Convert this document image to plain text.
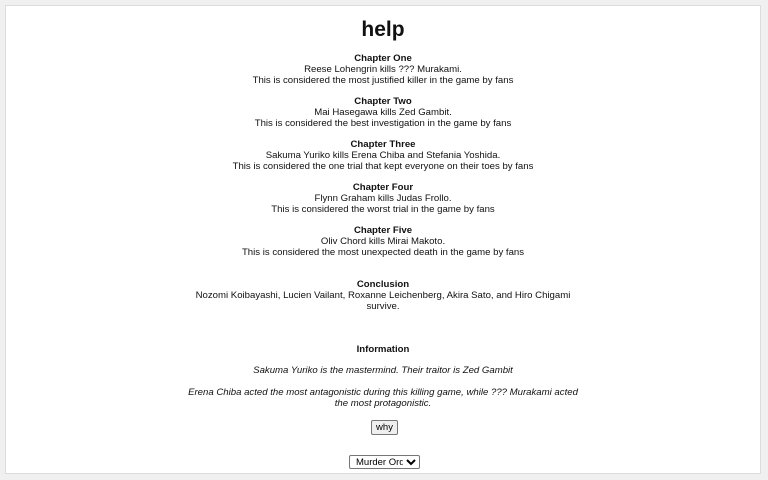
help
Chapter One
Reese Lohengrin kills ??? Murakami.
This is considered the most justified killer in the game by fans
Chapter Two
Mai Hasegawa kills Zed Gambit.
This is considered the best investigation in the game by fans
Chapter Three
Sakuma Yuriko kills Erena Chiba and Stefania Yoshida.
This is considered the one trial that kept everyone on their toes by fans
Chapter Four
Flynn Graham kills Judas Frollo.
This is considered the worst trial in the game by fans
Chapter Five
Oliv Chord kills Mirai Makoto.
This is considered the most unexpected death in the game by fans
Conclusion
Nozomi Koibayashi, Lucien Vailant, Roxanne Leichenberg, Akira Sato, and Hiro Chigami survive.
Information
Sakuma Yuriko is the mastermind. Their traitor is Zed Gambit
Erena Chiba acted the most antagonistic during this killing game, while ??? Murakami acted the most protagonistic.
why
Murder Order
